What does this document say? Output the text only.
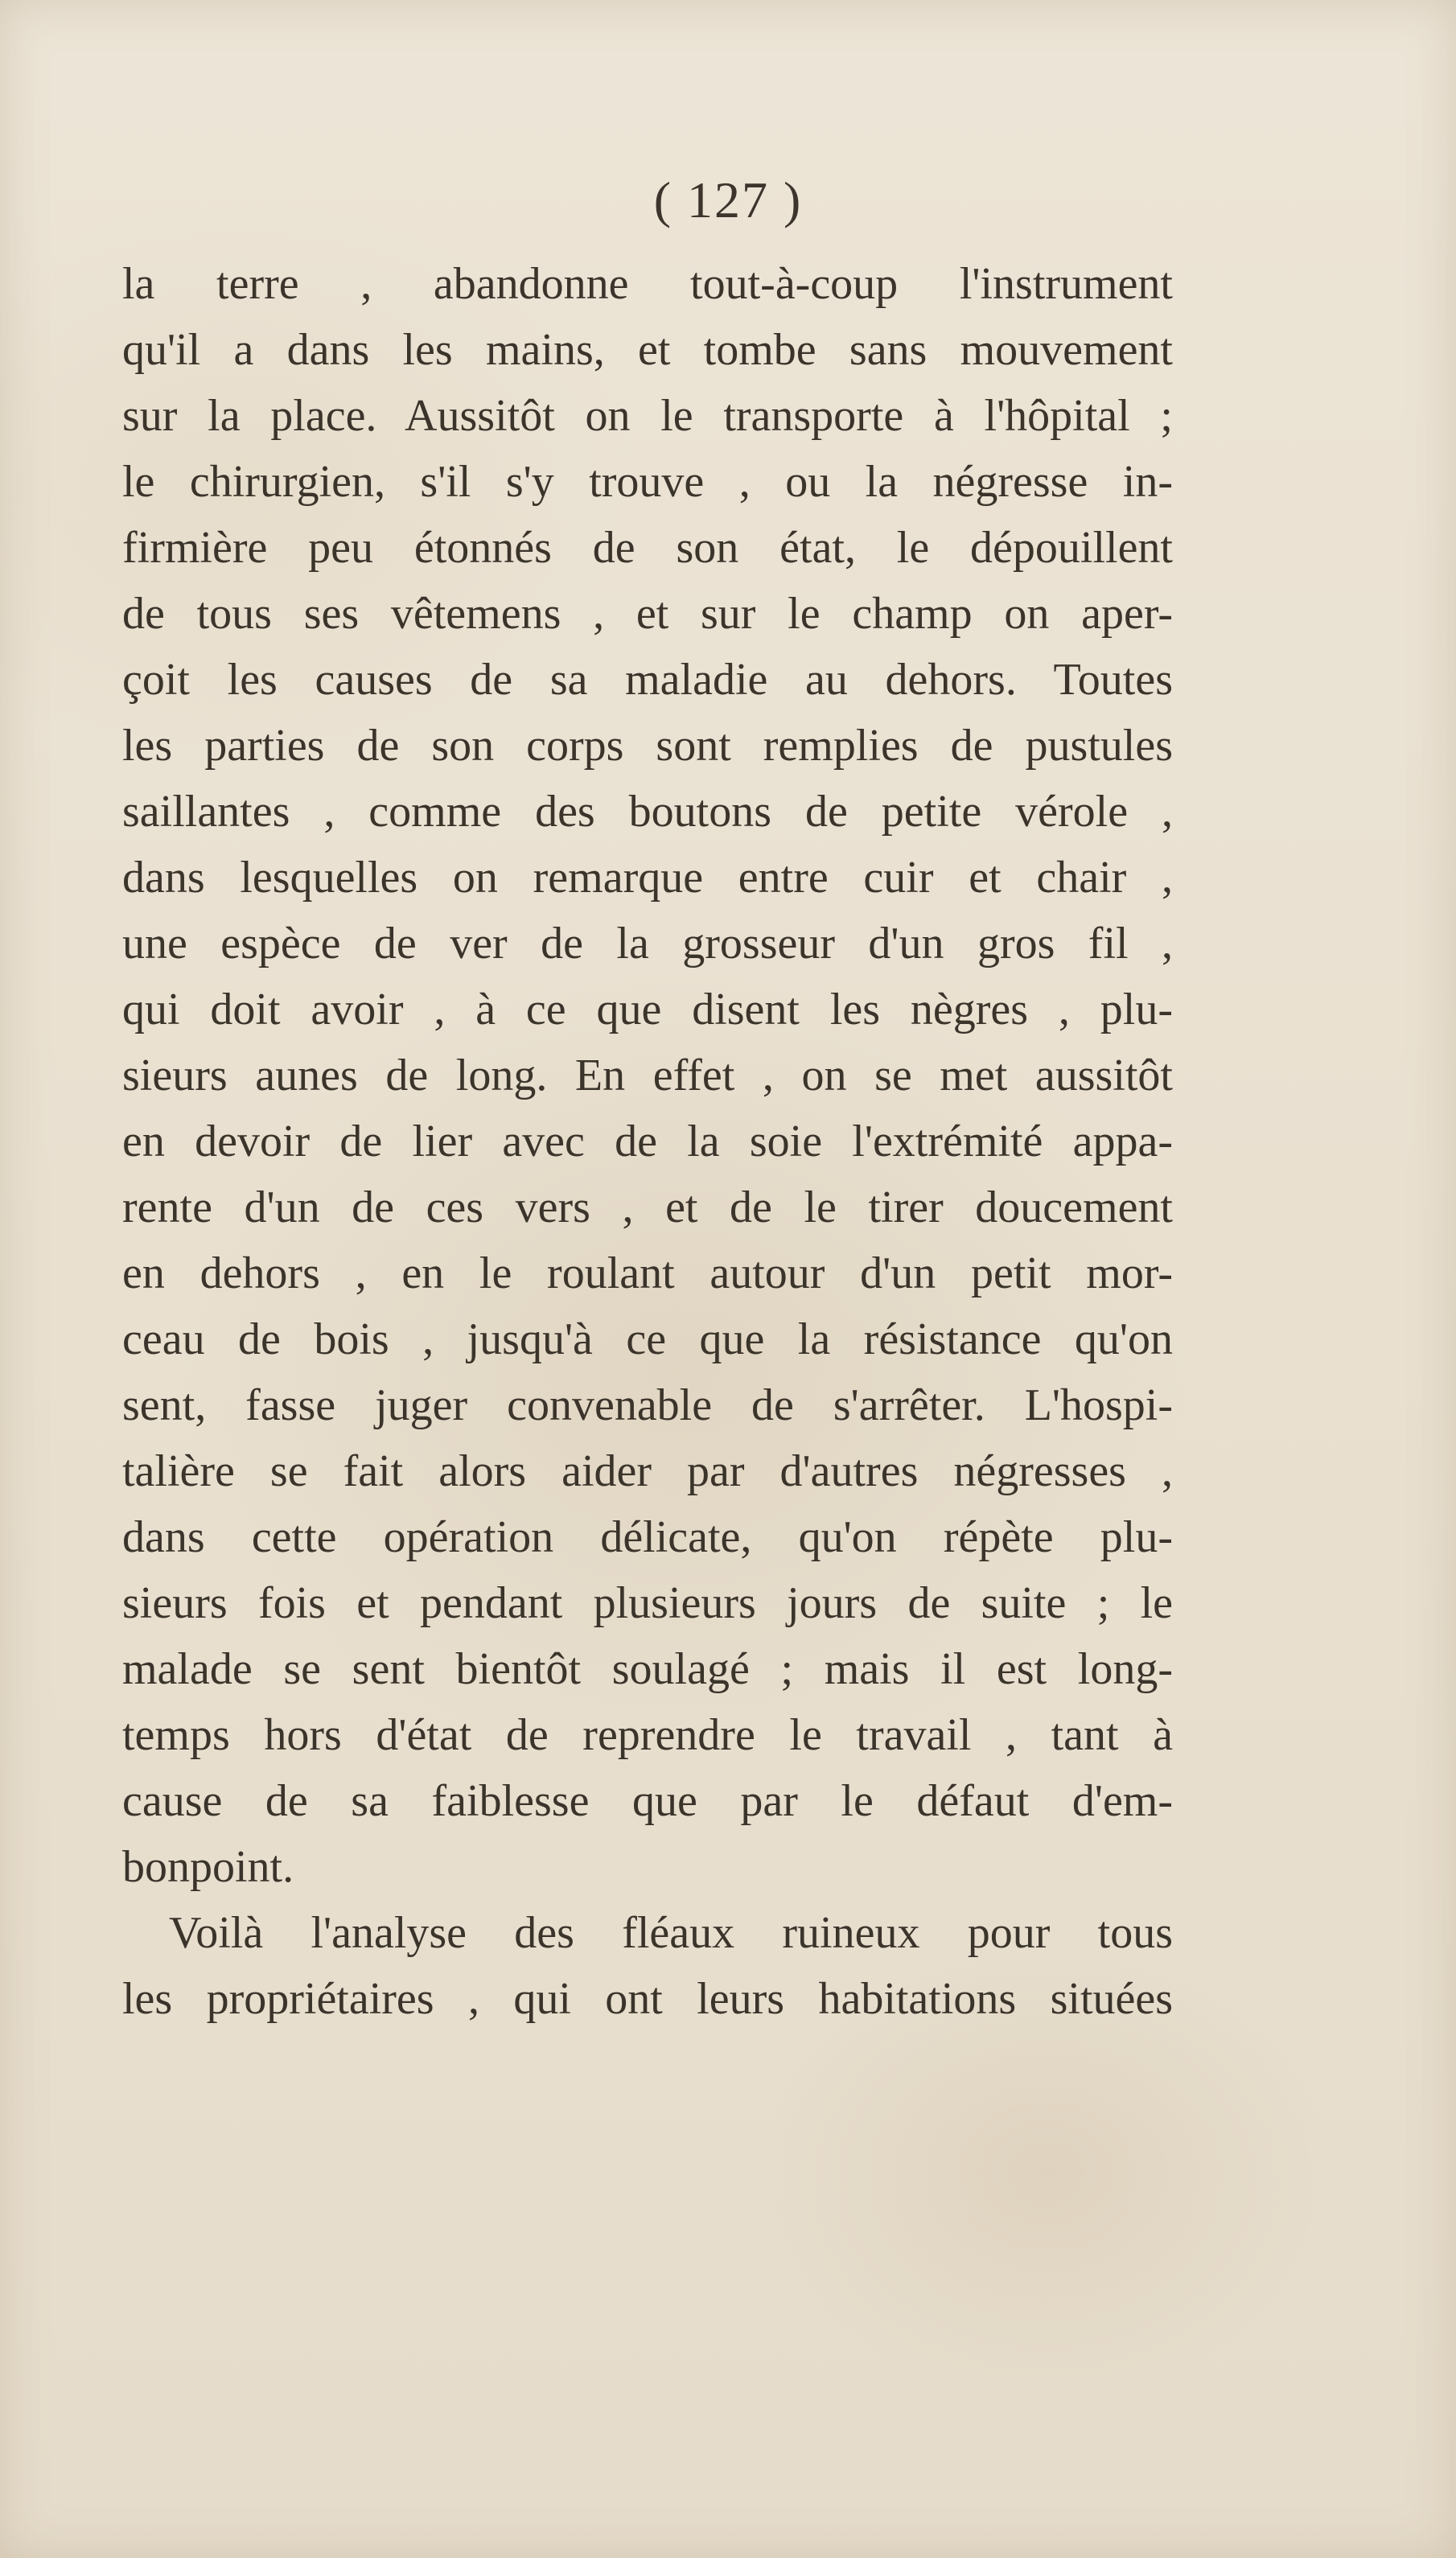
( 127 )
la terre , abandonne tout-à-coup l'instrument
qu'il a dans les mains, et tombe sans mouvement
sur la place. Aussitôt on le transporte à l'hôpital ;
le chirurgien, s'il s'y trouve , ou la négresse in-
firmière peu étonnés de son état, le dépouillent
de tous ses vêtemens , et sur le champ on aper-
çoit les causes de sa maladie au dehors. Toutes
les parties de son corps sont remplies de pustules
saillantes , comme des boutons de petite vérole ,
dans lesquelles on remarque entre cuir et chair ,
une espèce de ver de la grosseur d'un gros fil ,
qui doit avoir , à ce que disent les nègres , plu-
sieurs aunes de long. En effet , on se met aussitôt
en devoir de lier avec de la soie l'extrémité appa-
rente d'un de ces vers , et de le tirer doucement
en dehors , en le roulant autour d'un petit mor-
ceau de bois , jusqu'à ce que la résistance qu'on
sent, fasse juger convenable de s'arrêter. L'hospi-
talière se fait alors aider par d'autres négresses ,
dans cette opération délicate, qu'on répète plu-
sieurs fois et pendant plusieurs jours de suite ; le
malade se sent bientôt soulagé ; mais il est long-
temps hors d'état de reprendre le travail , tant à
cause de sa faiblesse que par le défaut d'em-
bonpoint.
Voilà l'analyse des fléaux ruineux pour tous
les propriétaires , qui ont leurs habitations situées
